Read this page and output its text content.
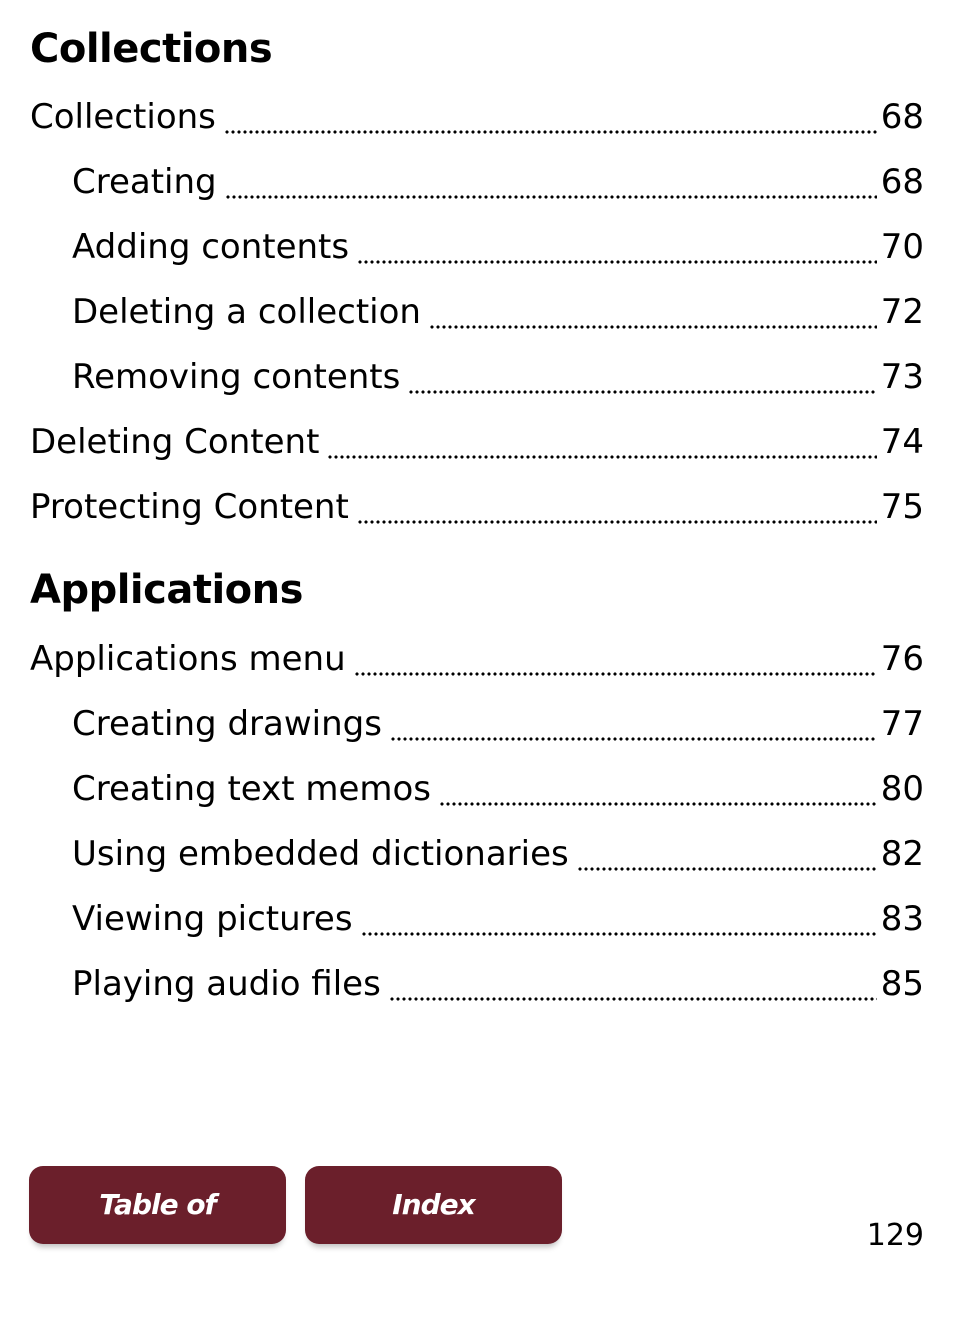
Collections
Collections	68
Creating	68
Adding contents	70
Deleting a collection	72
Removing contents	73
Deleting Content	74
Protecting Content	75
Applications
Applications menu	76
Creating drawings	77
Creating text memos	80
Using embedded dictionaries	82
Viewing pictures	83
Playing audio files	85
Table of Contents
Index
129
